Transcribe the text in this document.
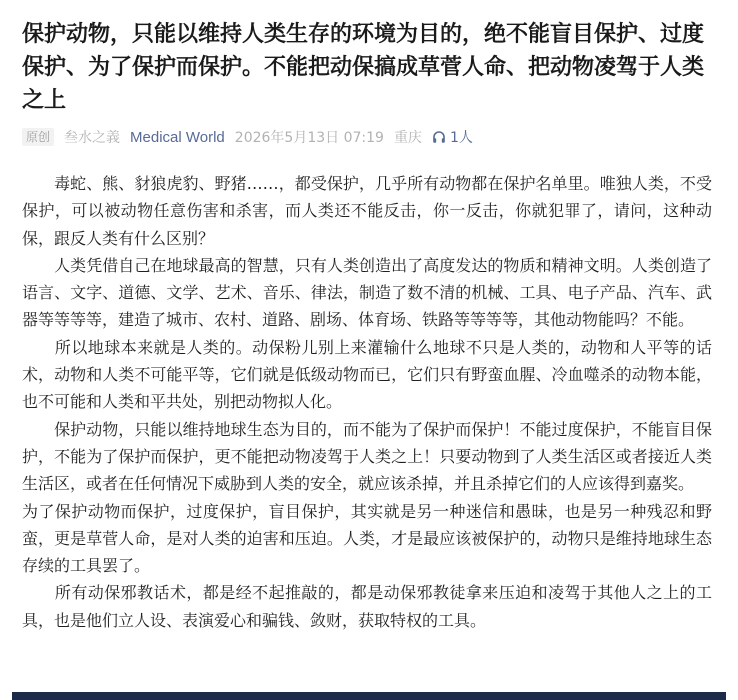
保护动物，只能以维持人类生存的环境为目的，绝不能盲目保护、过度保护、为了保护而保护。不能把动保搞成草菅人命、把动物凌驾于人类之上
原创 叁水之義 Medical World 2026年5月13日 07:19 重庆 1人

　　毒蛇、熊、豺狼虎豹、野猪……，都受保护，几乎所有动物都在保护名单里。唯独人类，不受保护，可以被动物任意伤害和杀害，而人类还不能反击，你一反击，你就犯罪了，请问，这种动保，跟反人类有什么区别？

　　人类凭借自己在地球最高的智慧，只有人类创造出了高度发达的物质和精神文明。人类创造了语言、文字、道德、文学、艺术、音乐、律法，制造了数不清的机械、工具、电子产品、汽车、武器等等等等，建造了城市、农村、道路、剧场、体育场、铁路等等等等，其他动物能吗？不能。

　　所以地球本来就是人类的。动保粉儿别上来灌输什么地球不只是人类的，动物和人平等的话术，动物和人类不可能平等，它们就是低级动物而已，它们只有野蛮血腥、冷血噬杀的动物本能，也不可能和人类和平共处，别把动物拟人化。

　　保护动物，只能以维持地球生态为目的，而不能为了保护而保护！不能过度保护，不能盲目保护，不能为了保护而保护，更不能把动物凌驾于人类之上！只要动物到了人类生活区或者接近人类生活区，或者在任何情况下威胁到人类的安全，就应该杀掉，并且杀掉它们的人应该得到嘉奖。

为了保护动物而保护，过度保护，盲目保护，其实就是另一种迷信和愚昧，也是另一种残忍和野蛮，更是草菅人命，是对人类的迫害和压迫。人类，才是最应该被保护的，动物只是维持地球生态存续的工具罢了。

　　所有动保邪教话术，都是经不起推敲的，都是动保邪教徒拿来压迫和凌驾于其他人之上的工具，也是他们立人设、表演爱心和骗钱、敛财，获取特权的工具。
